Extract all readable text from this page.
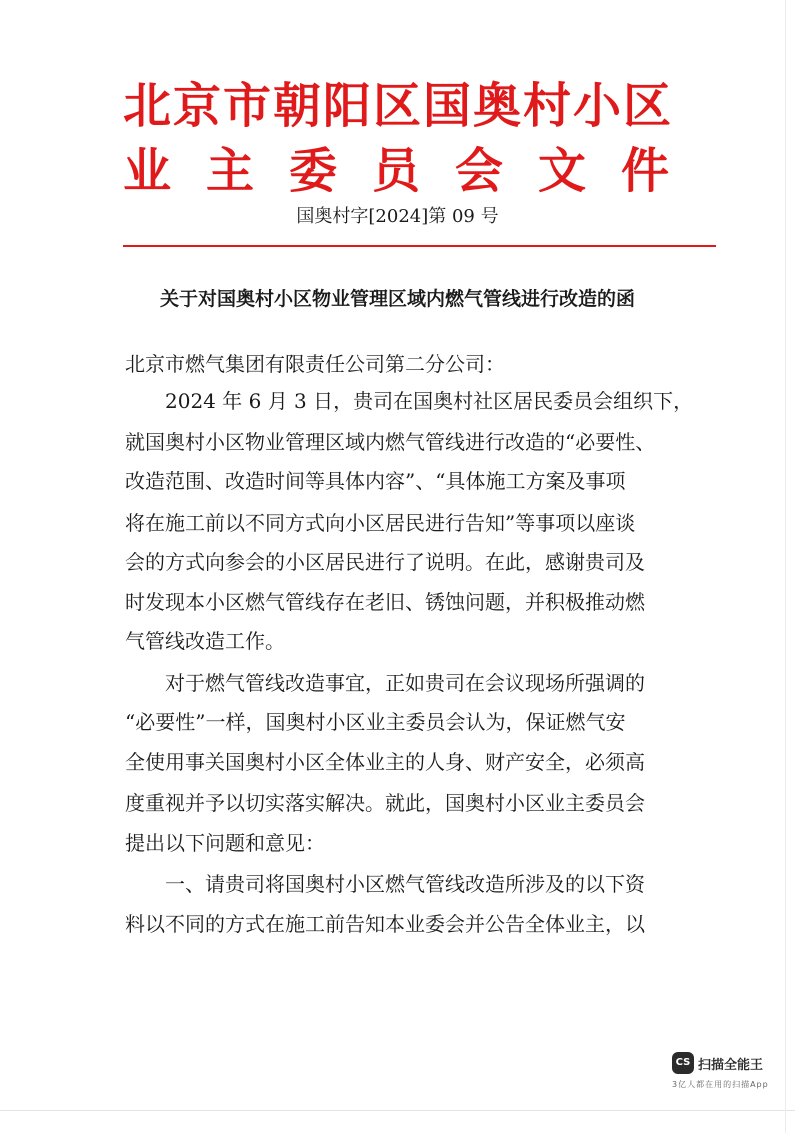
北京市朝阳区国奥村小区
业主委员会文件
国奥村字[2024]第 09 号
关于对国奥村小区物业管理区域内燃气管线进行改造的函
北京市燃气集团有限责任公司第二分公司：
2024 年 6 月 3 日，贵司在国奥村社区居民委员会组织下，
就国奥村小区物业管理区域内燃气管线进行改造的“必要性、
改造范围、改造时间等具体内容”、“具体施工方案及事项
将在施工前以不同方式向小区居民进行告知”等事项以座谈
会的方式向参会的小区居民进行了说明。在此，感谢贵司及
时发现本小区燃气管线存在老旧、锈蚀问题，并积极推动燃
气管线改造工作。
对于燃气管线改造事宜，正如贵司在会议现场所强调的
“必要性”一样，国奥村小区业主委员会认为，保证燃气安
全使用事关国奥村小区全体业主的人身、财产安全，必须高
度重视并予以切实落实解决。就此，国奥村小区业主委员会
提出以下问题和意见：
一、请贵司将国奥村小区燃气管线改造所涉及的以下资
料以不同的方式在施工前告知本业委会并公告全体业主，以
CS 扫描全能王
3亿人都在用的扫描App
